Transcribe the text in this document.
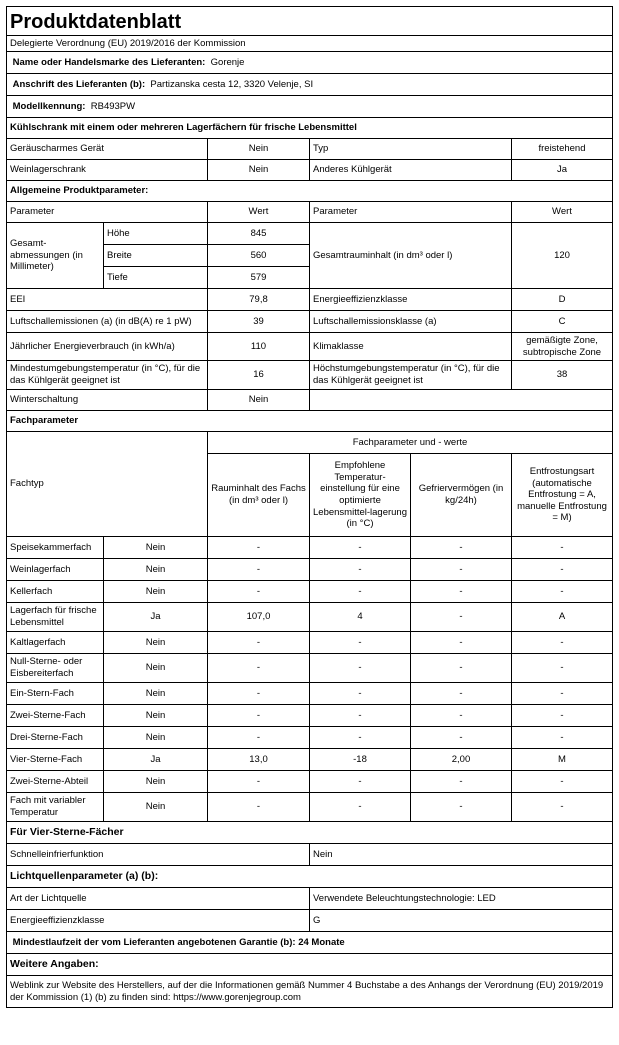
Produktdatenblatt					
Delegierte Verordnung (EU) 2019/2016 der Kommission					
Name oder Handelsmarke des Lieferanten: Gorenje					
Anschrift des Lieferanten (b): Partizanska cesta 12, 3320 Velenje, SI					
Modellkennung: RB493PW					
Kühlschrank mit einem oder mehreren Lagerfächern für frische Lebensmittel					
Geräuscharmes Gerät		Nein	Typ		freistehend
Weinlagerschrank		Nein	Anderes Kühlgerät		Ja
Allgemeine Produktparameter:					
Parameter		Wert	Parameter		Wert
Gesamt-abmessungen (in Millimeter)	Höhe	845	Gesamtrauminhalt (in dm³ oder l)		120
	Breite	560			
	Tiefe	579			
EEI		79,8	Energieeffizienzklasse		D
Luftschallemissionen (a) (in dB(A) re 1 pW)		39	Luftschallemissionsklasse (a)		C
Jährlicher Energieverbrauch (in kWh/a)		110	Klimaklasse		gemäßigte Zone, subtropische Zone
Mindestumgebungstemperatur (in °C), für die das Kühlgerät geeignet ist		16	Höchstumgebungstemperatur (in °C), für die das Kühlgerät geeignet ist		38
Winterschaltung		Nein			
Fachparameter					
Fachtyp		Fachparameter und - werte			
		Rauminhalt des Fachs (in dm³ oder l)	Empfohlene Temperatur-einstellung für eine optimierte Lebensmittel-lagerung (in °C)	Gefriervermögen (in kg/24h)	Entfrostungsart (automatische Entfrostung = A, manuelle Entfrostung = M)
Speisekammerfach	Nein	-	-	-	-
Weinlagerfach	Nein	-	-	-	-
Kellerfach	Nein	-	-	-	-
Lagerfach für frische Lebensmittel	Ja	107,0	4	-	A
Kaltlagerfach	Nein	-	-	-	-
Null-Sterne- oder Eisbereiterfach	Nein	-	-	-	-
Ein-Stern-Fach	Nein	-	-	-	-
Zwei-Sterne-Fach	Nein	-	-	-	-
Drei-Sterne-Fach	Nein	-	-	-	-
Vier-Sterne-Fach	Ja	13,0	-18	2,00	M
Zwei-Sterne-Abteil	Nein	-	-	-	-
Fach mit variabler Temperatur	Nein	-	-	-	-
Für Vier-Sterne-Fächer					
Schnelleinfrierfunktion			Nein		
Lichtquellenparameter (a) (b):					
Art der Lichtquelle			Verwendete Beleuchtungstechnologie: LED		
Energieeffizienzklasse			G		
Mindestlaufzeit der vom Lieferanten angebotenen Garantie (b): 24 Monate					
Weitere Angaben:					
Weblink zur Website des Herstellers, auf der die Informationen gemäß Nummer 4 Buchstabe a des Anhangs der Verordnung (EU) 2019/2019 der Kommission (1) (b) zu finden sind: https://www.gorenjegroup.com					
